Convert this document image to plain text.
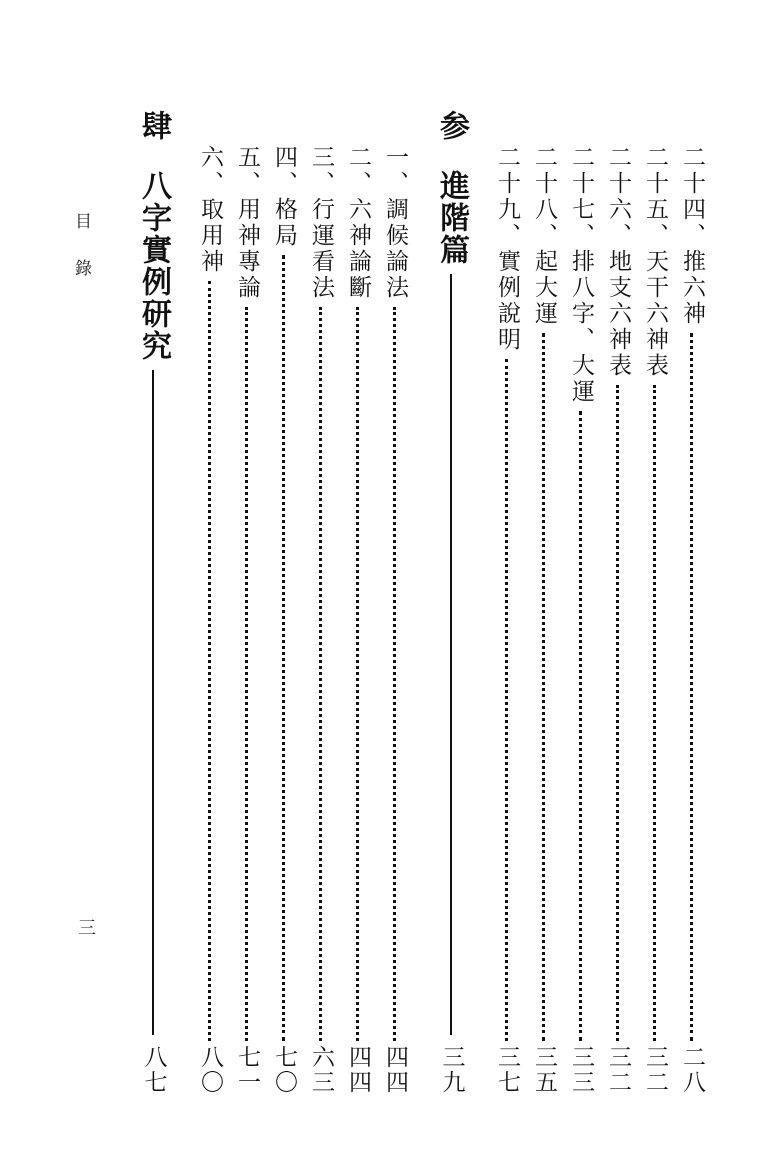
二十四、推六神
二八
二十五、天干六神表
三二
二十六、地支六神表
三二
二十七、排八字、大運
三三
二十八、起大運
三五
二十九、實例說明
三七
参
進階篇
三九
一、調候論法
四四
二、六神論斷
四四
三、行運看法
六三
四、格局
七〇
五、用神專論
七一
六、取用神
八〇
肆
八字實例研究
八七
目錄
三
